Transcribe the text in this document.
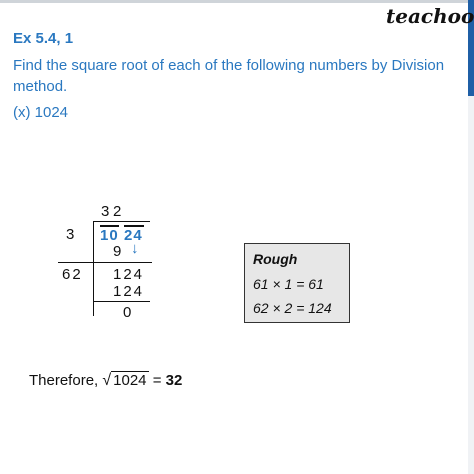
teachoo
Ex 5.4, 1
Find the square root of each of the following numbers by Division
method.
(x) 1024
3 2
3 10 24
9 ↓
62 124
124
0
Rough
61 × 1 = 61
62 × 2 = 124
Therefore, √ 1024 = 32
